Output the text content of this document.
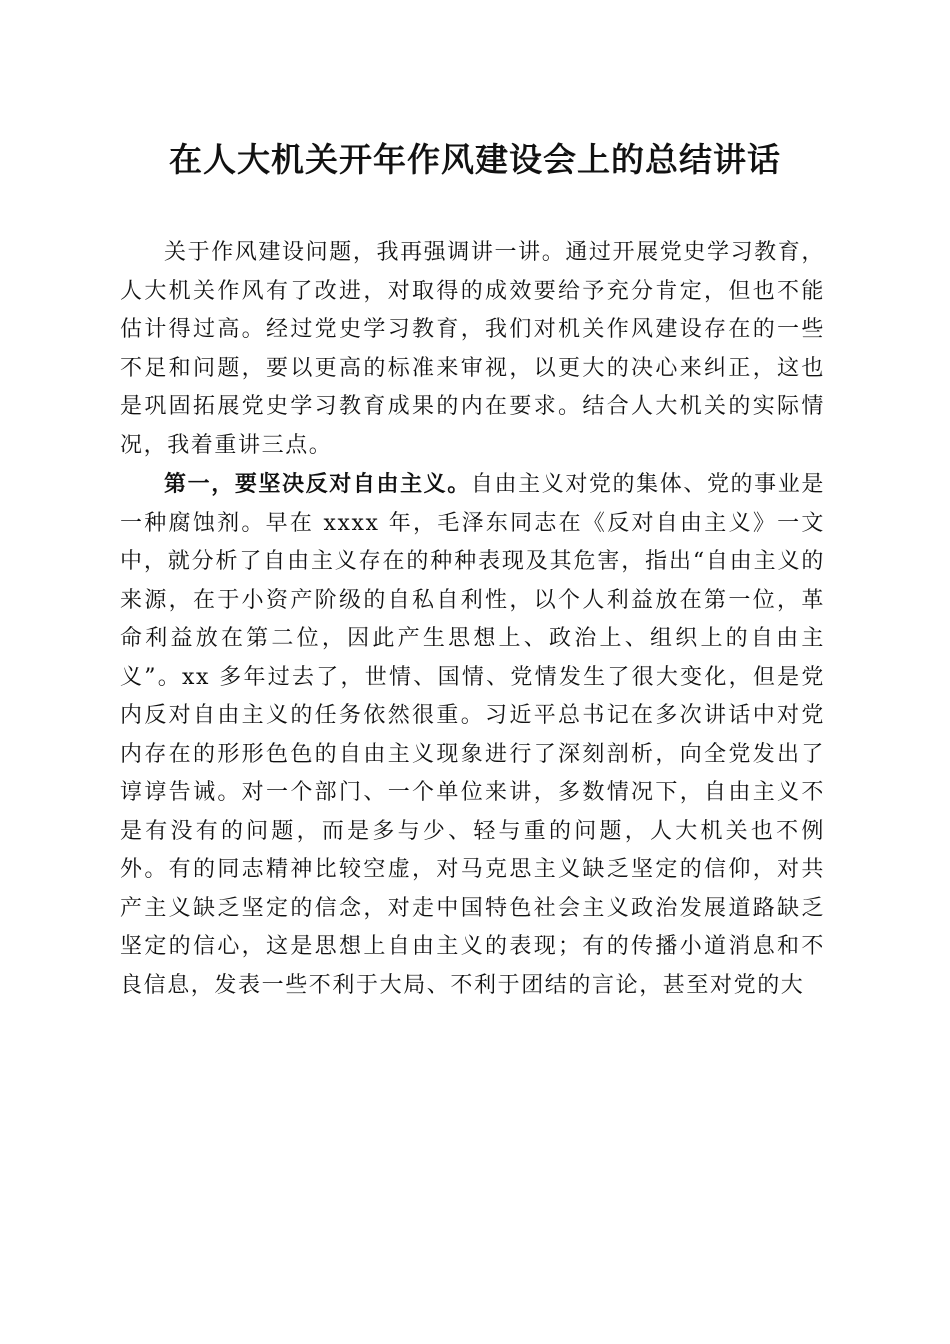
在人大机关开年作风建设会上的总结讲话

关于作风建设问题，我再强调讲一讲。通过开展党史学习教育，人大机关作风有了改进，对取得的成效要给予充分肯定，但也不能估计得过高。经过党史学习教育，我们对机关作风建设存在的一些不足和问题，要以更高的标准来审视，以更大的决心来纠正，这也是巩固拓展党史学习教育成果的内在要求。结合人大机关的实际情况，我着重讲三点。

第一，要坚决反对自由主义。自由主义对党的集体、党的事业是一种腐蚀剂。早在 xxxx 年，毛泽东同志在《反对自由主义》一文中，就分析了自由主义存在的种种表现及其危害，指出“自由主义的来源，在于小资产阶级的自私自利性，以个人利益放在第一位，革命利益放在第二位，因此产生思想上、政治上、组织上的自由主义”。xx 多年过去了，世情、国情、党情发生了很大变化，但是党内反对自由主义的任务依然很重。习近平总书记在多次讲话中对党内存在的形形色色的自由主义现象进行了深刻剖析，向全党发出了谆谆告诫。对一个部门、一个单位来讲，多数情况下，自由主义不是有没有的问题，而是多与少、轻与重的问题，人大机关也不例外。有的同志精神比较空虚，对马克思主义缺乏坚定的信仰，对共产主义缺乏坚定的信念，对走中国特色社会主义政治发展道路缺乏坚定的信心，这是思想上自由主义的表现；有的传播小道消息和不良信息，发表一些不利于大局、不利于团结的言论，甚至对党的大
